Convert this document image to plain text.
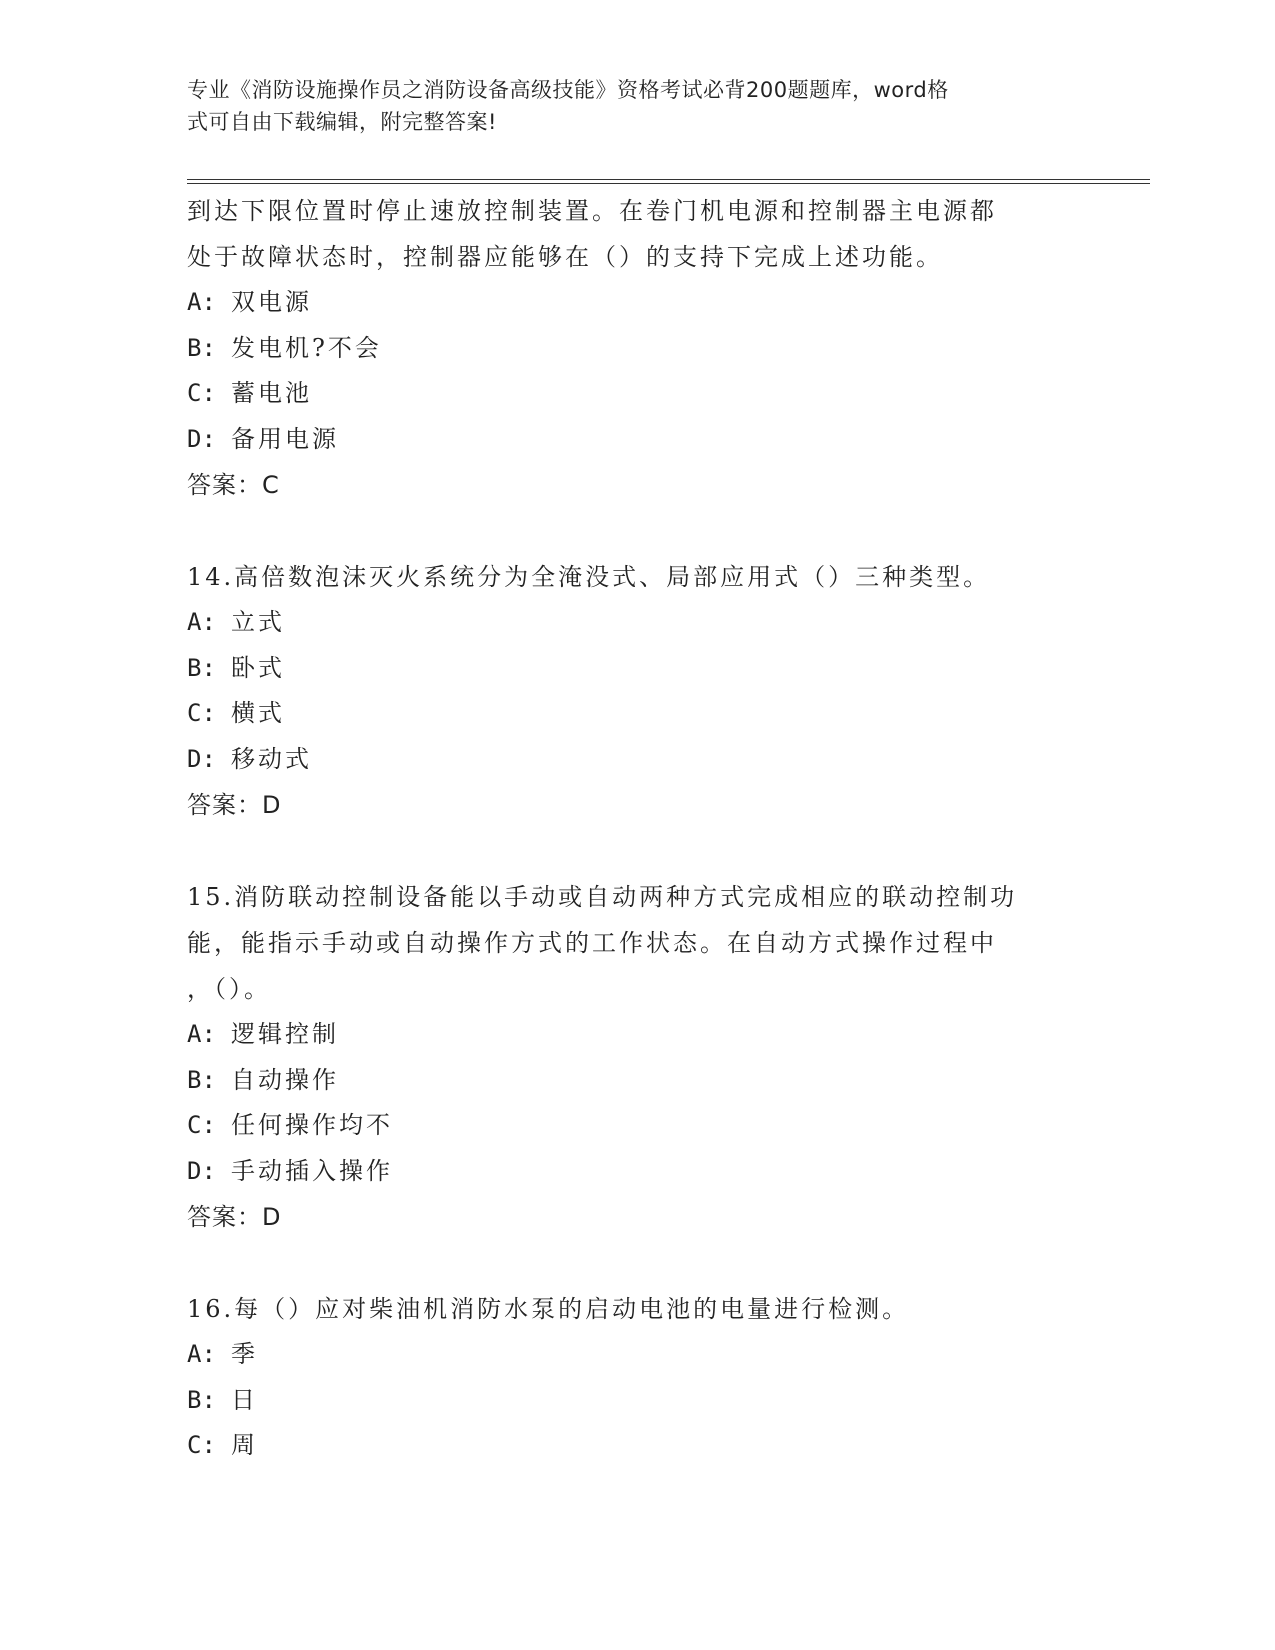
专业《消防设施操作员之消防设备高级技能》资格考试必背200题题库，word格
式可自由下载编辑，附完整答案!
到达下限位置时停止速放控制装置。在卷门机电源和控制器主电源都
处于故障状态时，控制器应能够在（）的支持下完成上述功能。
A: 双电源
B: 发电机?不会
C: 蓄电池
D: 备用电源
答案：C
14.高倍数泡沫灭火系统分为全淹没式、局部应用式（）三种类型。
A: 立式
B: 卧式
C: 横式
D: 移动式
答案：D
15.消防联动控制设备能以手动或自动两种方式完成相应的联动控制功
能，能指示手动或自动操作方式的工作状态。在自动方式操作过程中
，（）。
A: 逻辑控制
B: 自动操作
C: 任何操作均不
D: 手动插入操作
答案：D
16.每（）应对柴油机消防水泵的启动电池的电量进行检测。
A: 季
B: 日
C: 周
